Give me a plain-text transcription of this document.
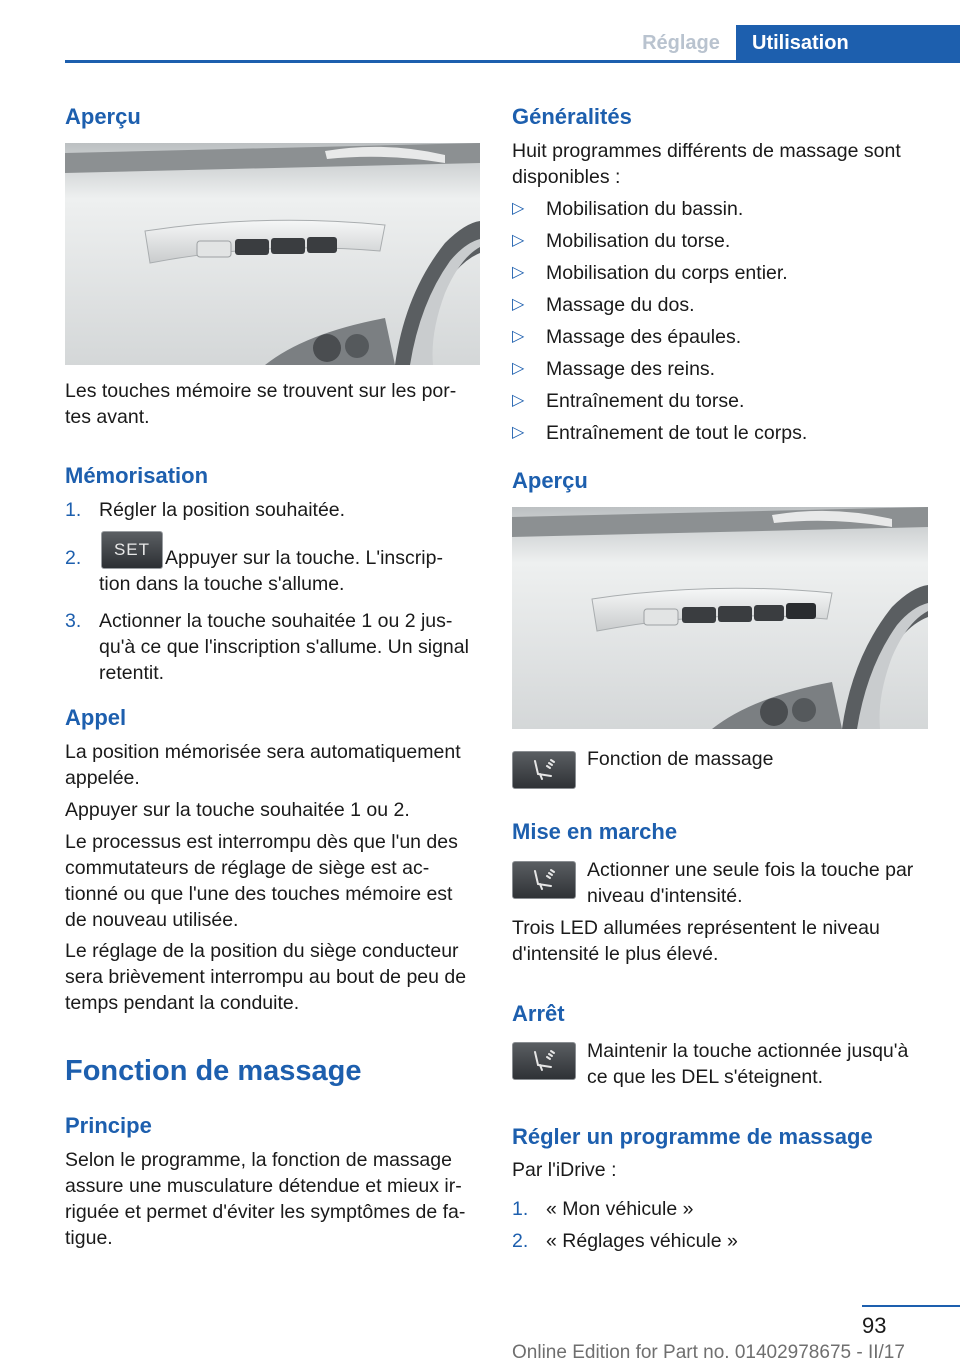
Réglage	Utilisation
Aperçu

Les touches mémoire se trouvent sur les por-

tes avant.

Mémorisation
1. Régler la position souhaitée.
2.	SET Appuyer sur la touche. L'inscrip-
tion dans la touche s'allume.
3. Actionner la touche souhaitée 1 ou 2 jus-
qu'à ce que l'inscription s'allume. Un signal
retentit.
Appel

La position mémorisée sera automatiquement

appelée.

Appuyer sur la touche souhaitée 1 ou 2.

Le processus est interrompu dès que l'un des

commutateurs de réglage de siège est ac-

tionné ou que l'une des touches mémoire est

de nouveau utilisée.

Le réglage de la position du siège conducteur

sera brièvement interrompu au bout de peu de

temps pendant la conduite.

Fonction de massage
Principe

Selon le programme, la fonction de massage

assure une musculature détendue et mieux ir-

riguée et permet d'éviter les symptômes de fa-

tigue.

Généralités

Huit programmes différents de massage sont

disponibles :

▷ Mobilisation du bassin.
▷ Mobilisation du torse.
▷ Mobilisation du corps entier.
▷ Massage du dos.
▷ Massage des épaules.
▷ Massage des reins.
▷ Entraînement du torse.
▷ Entraînement de tout le corps.
Aperçu

Fonction de massage

Mise en marche

Actionner une seule fois la touche par

niveau d'intensité.

Trois LED allumées représentent le niveau

d'intensité le plus élevé.

Arrêt

Maintenir la touche actionnée jusqu'à

ce que les DEL s'éteignent.

Régler un programme de massage

Par l'iDrive :

1. « Mon véhicule »
2. « Réglages véhicule »
93
Online Edition for Part no. 01402978675 - II/17
